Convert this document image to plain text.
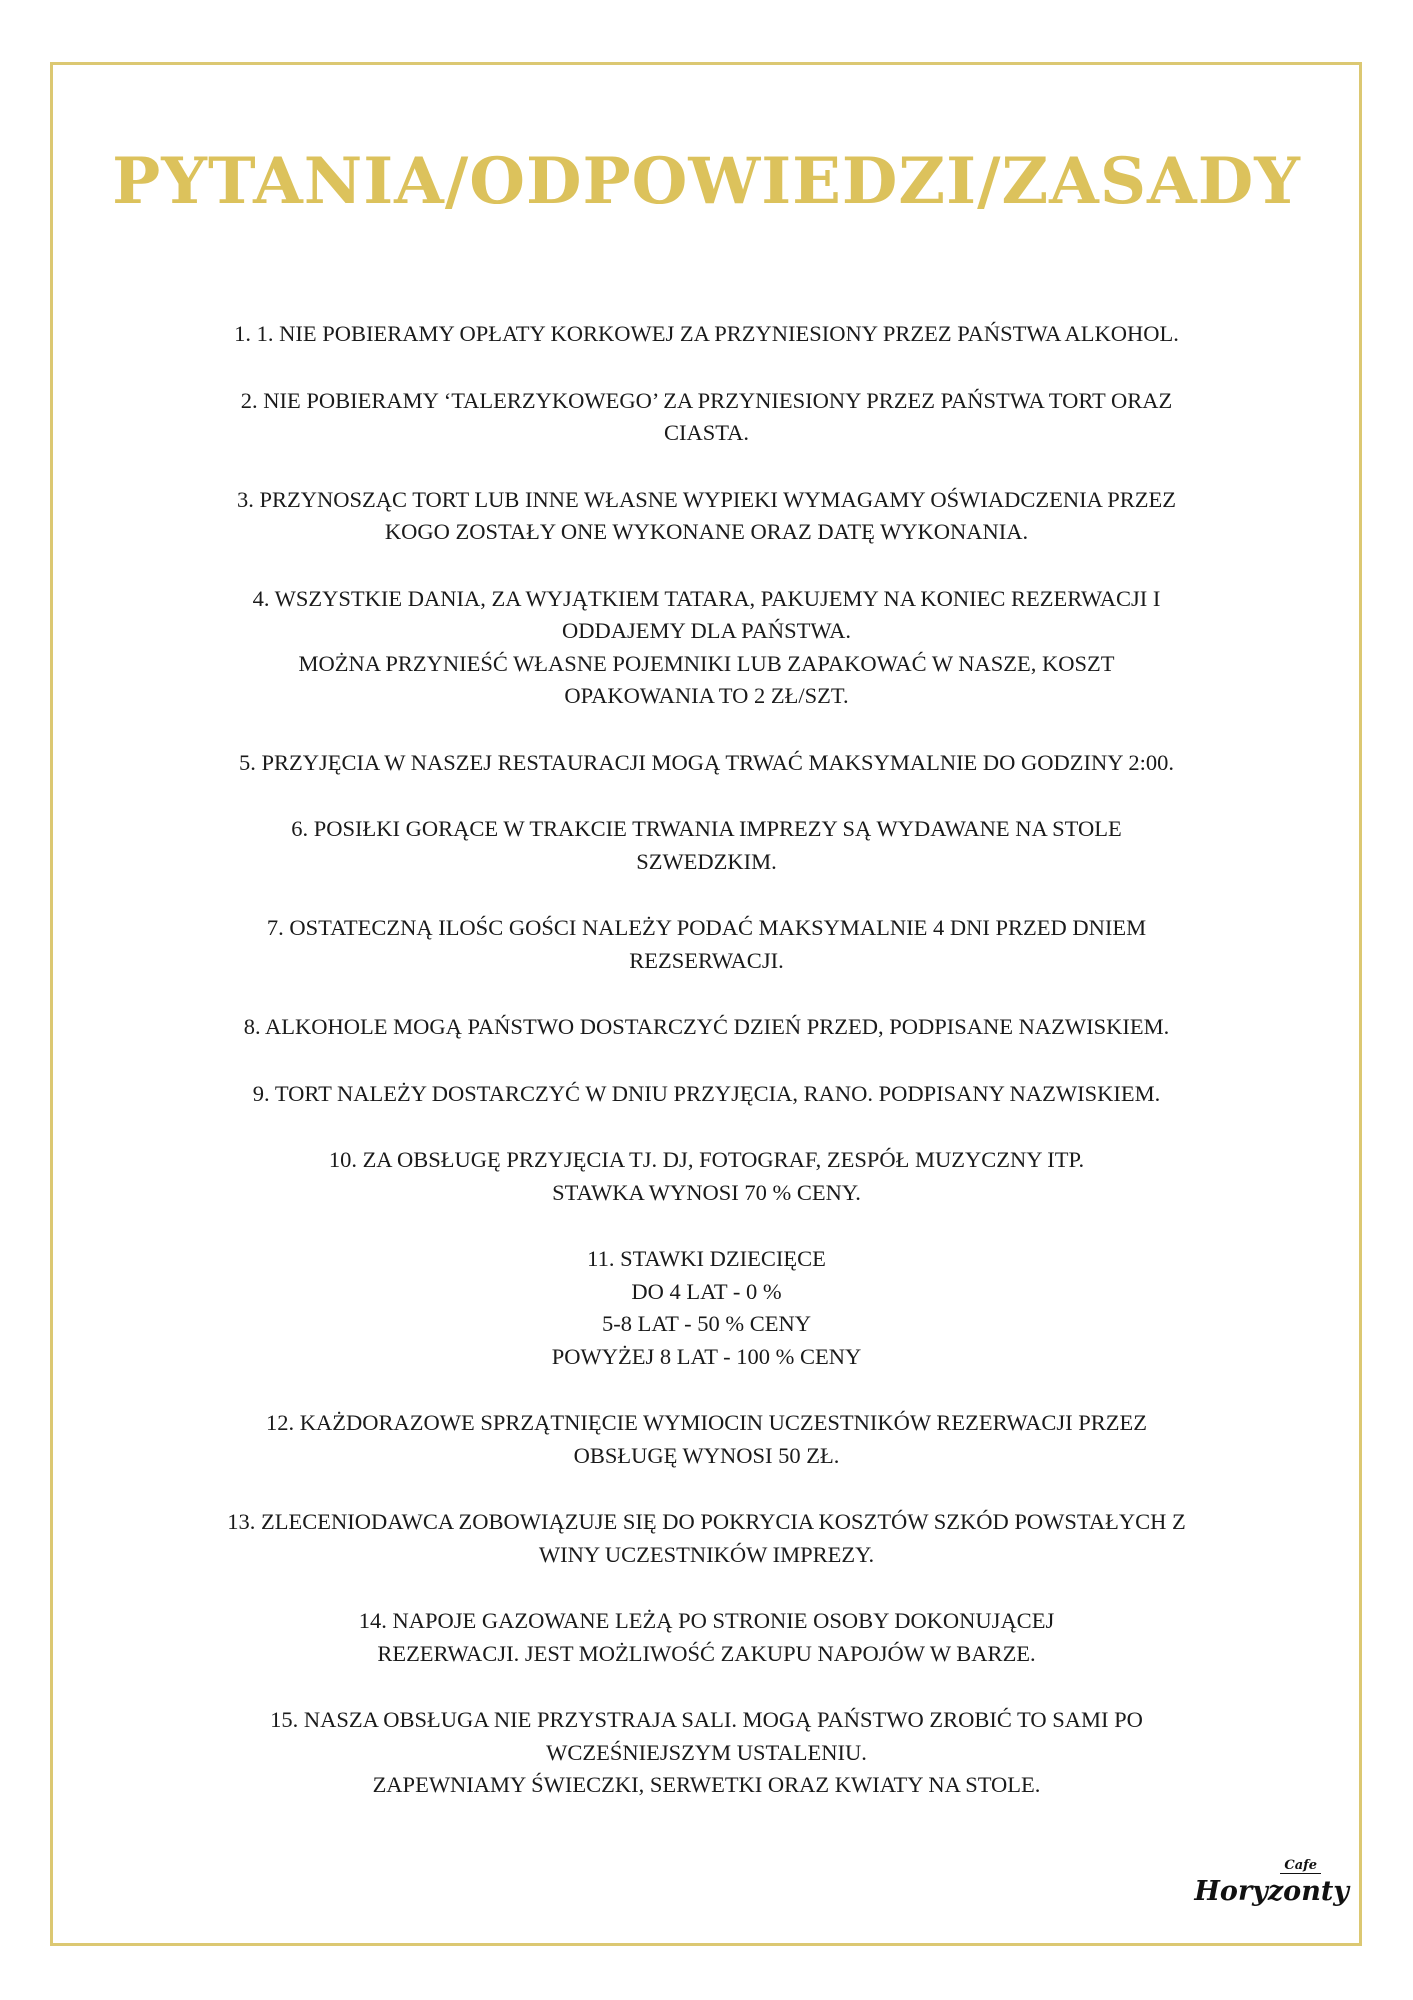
PYTANIA/ODPOWIEDZI/ZASADY

1. 1. NIE POBIERAMY OPŁATY KORKOWEJ ZA PRZYNIESIONY PRZEZ PAŃSTWA ALKOHOL.

2. NIE POBIERAMY ‘TALERZYKOWEGO’ ZA PRZYNIESIONY PRZEZ PAŃSTWA TORT ORAZ
CIASTA.

3. PRZYNOSZĄC TORT LUB INNE WŁASNE WYPIEKI WYMAGAMY OŚWIADCZENIA PRZEZ
KOGO ZOSTAŁY ONE WYKONANE ORAZ DATĘ WYKONANIA.

4. WSZYSTKIE DANIA, ZA WYJĄTKIEM TATARA, PAKUJEMY NA KONIEC REZERWACJI I
ODDAJEMY DLA PAŃSTWA.
MOŻNA PRZYNIEŚĆ WŁASNE POJEMNIKI LUB ZAPAKOWAĆ W NASZE, KOSZT
OPAKOWANIA TO 2 ZŁ/SZT.

5. PRZYJĘCIA W NASZEJ RESTAURACJI MOGĄ TRWAĆ MAKSYMALNIE DO GODZINY 2:00.

6. POSIŁKI GORĄCE W TRAKCIE TRWANIA IMPREZY SĄ WYDAWANE NA STOLE
SZWEDZKIM.

7. OSTATECZNĄ ILOŚC GOŚCI NALEŻY PODAĆ MAKSYMALNIE 4 DNI PRZED DNIEM
REZSERWACJI.

8. ALKOHOLE MOGĄ PAŃSTWO DOSTARCZYĆ DZIEŃ PRZED, PODPISANE NAZWISKIEM.

9. TORT NALEŻY DOSTARCZYĆ W DNIU PRZYJĘCIA, RANO. PODPISANY NAZWISKIEM.

10. ZA OBSŁUGĘ PRZYJĘCIA TJ. DJ, FOTOGRAF, ZESPÓŁ MUZYCZNY ITP.
STAWKA WYNOSI 70 % CENY.

11. STAWKI DZIECIĘCE
DO 4 LAT - 0 %
5-8 LAT - 50 % CENY
POWYŻEJ 8 LAT - 100 % CENY

12. KAŻDORAZOWE SPRZĄTNIĘCIE WYMIOCIN UCZESTNIKÓW REZERWACJI PRZEZ
OBSŁUGĘ WYNOSI 50 ZŁ.

13. ZLECENIODAWCA ZOBOWIĄZUJE SIĘ DO POKRYCIA KOSZTÓW SZKÓD POWSTAŁYCH Z
WINY UCZESTNIKÓW IMPREZY.

14. NAPOJE GAZOWANE LEŻĄ PO STRONIE OSOBY DOKONUJĄCEJ
REZERWACJI. JEST MOŻLIWOŚĆ ZAKUPU NAPOJÓW W BARZE.

15. NASZA OBSŁUGA NIE PRZYSTRAJA SALI. MOGĄ PAŃSTWO ZROBIĆ TO SAMI PO
WCZEŚNIEJSZYM USTALENIU.
ZAPEWNIAMY ŚWIECZKI, SERWETKI ORAZ KWIATY NA STOLE.

Cafe
Horyzonty
